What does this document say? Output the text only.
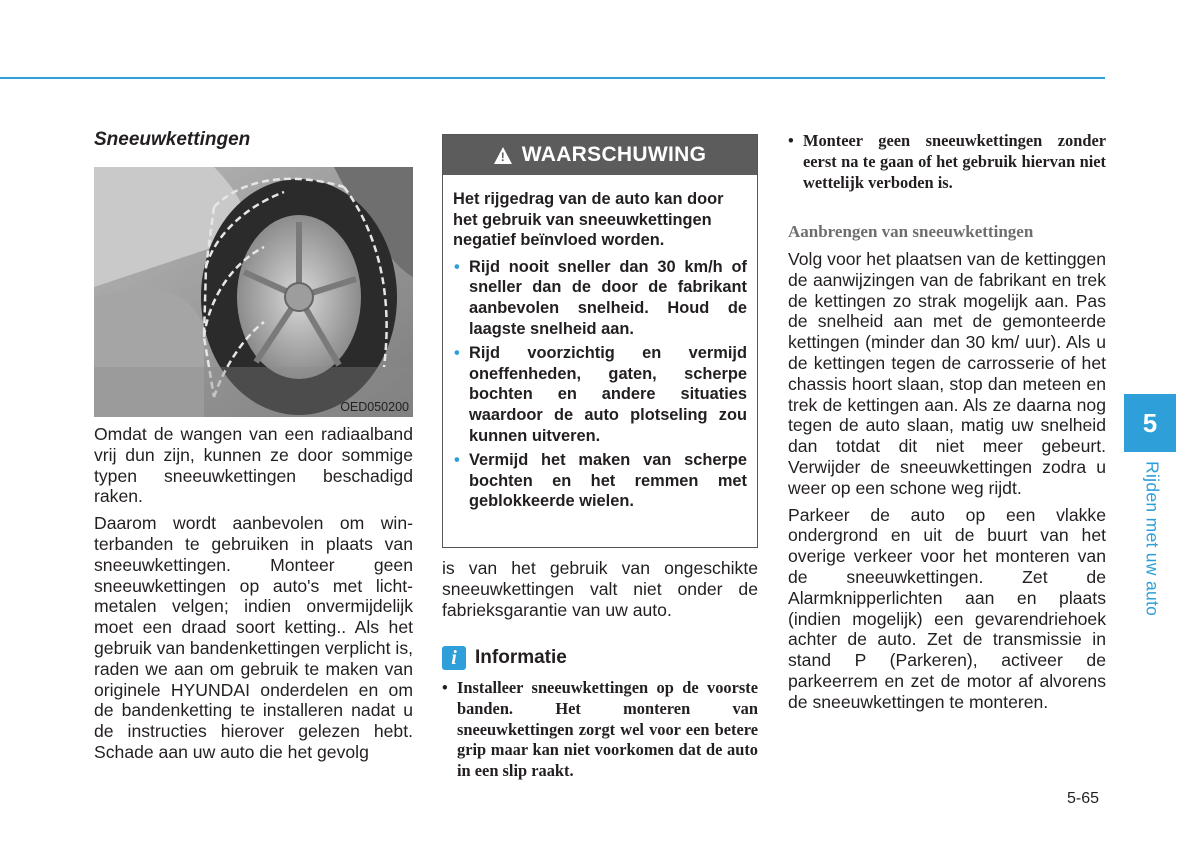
Sneeuwkettingen
OED050200

Omdat de wangen van een radiaalband vrij dun zijn, kunnen ze door sommige typen sneeuwkettingen beschadigd raken.

Daarom wordt aanbevolen om winterbanden te gebruiken in plaats van sneeuwkettingen. Monteer geen sneeuwkettingen op auto's met lichtmetalen velgen; indien onvermijdelijk moet een draad soort ketting.. Als het gebruik van bandenkettingen verplicht is, raden we aan om gebruik te maken van originele HYUNDAI onderdelen en om de bandenketting te installeren nadat u de instructies hierover gelezen hebt. Schade aan uw auto die het gevolg

! WAARSCHUWING

Het rijgedrag van de auto kan door het gebruik van sneeuwkettingen negatief beïnvloed worden.

• Rijd nooit sneller dan 30 km/h of sneller dan de door de fabrikant aanbevolen snelheid. Houd de laagste snelheid aan.
• Rijd voorzichtig en vermijd oneffenheden, gaten, scherpe bochten en andere situaties waardoor de auto plotseling zou kunnen uitveren.
• Vermijd het maken van scherpe bochten en het remmen met geblokkeerde wielen.

is van het gebruik van ongeschikte sneeuwkettingen valt niet onder de fabrieksgarantie van uw auto.

i Informatie
• Installeer sneeuwkettingen op de voorste banden. Het monteren van sneeuwkettingen zorgt wel voor een betere grip maar kan niet voorkomen dat de auto in een slip raakt.
• Monteer geen sneeuwkettingen zonder eerst na te gaan of het gebruik hiervan niet wettelijk verboden is.
Aanbrengen van sneeuwkettingen

Volg voor het plaatsen van de kettinggen de aanwijzingen van de fabrikant en trek de kettingen zo strak mogelijk aan. Pas de snelheid aan met de gemonteerde kettingen (minder dan 30 km/ uur). Als u de kettingen tegen de carrosserie of het chassis hoort slaan, stop dan meteen en trek de kettingen aan. Als ze daarna nog tegen de auto slaan, matig uw snelheid dan totdat dit niet meer gebeurt. Verwijder de sneeuwkettingen zodra u weer op een schone weg rijdt.

Parkeer de auto op een vlakke ondergrond en uit de buurt van het overige verkeer voor het monteren van de sneeuwkettingen. Zet de Alarmknipperlichten aan en plaats (indien mogelijk) een gevarendriehoek achter de auto. Zet de transmissie in stand P (Parkeren), activeer de parkeerrem en zet de motor af alvorens de sneeuwkettingen te monteren.

5-65
5
Rijden met uw auto
